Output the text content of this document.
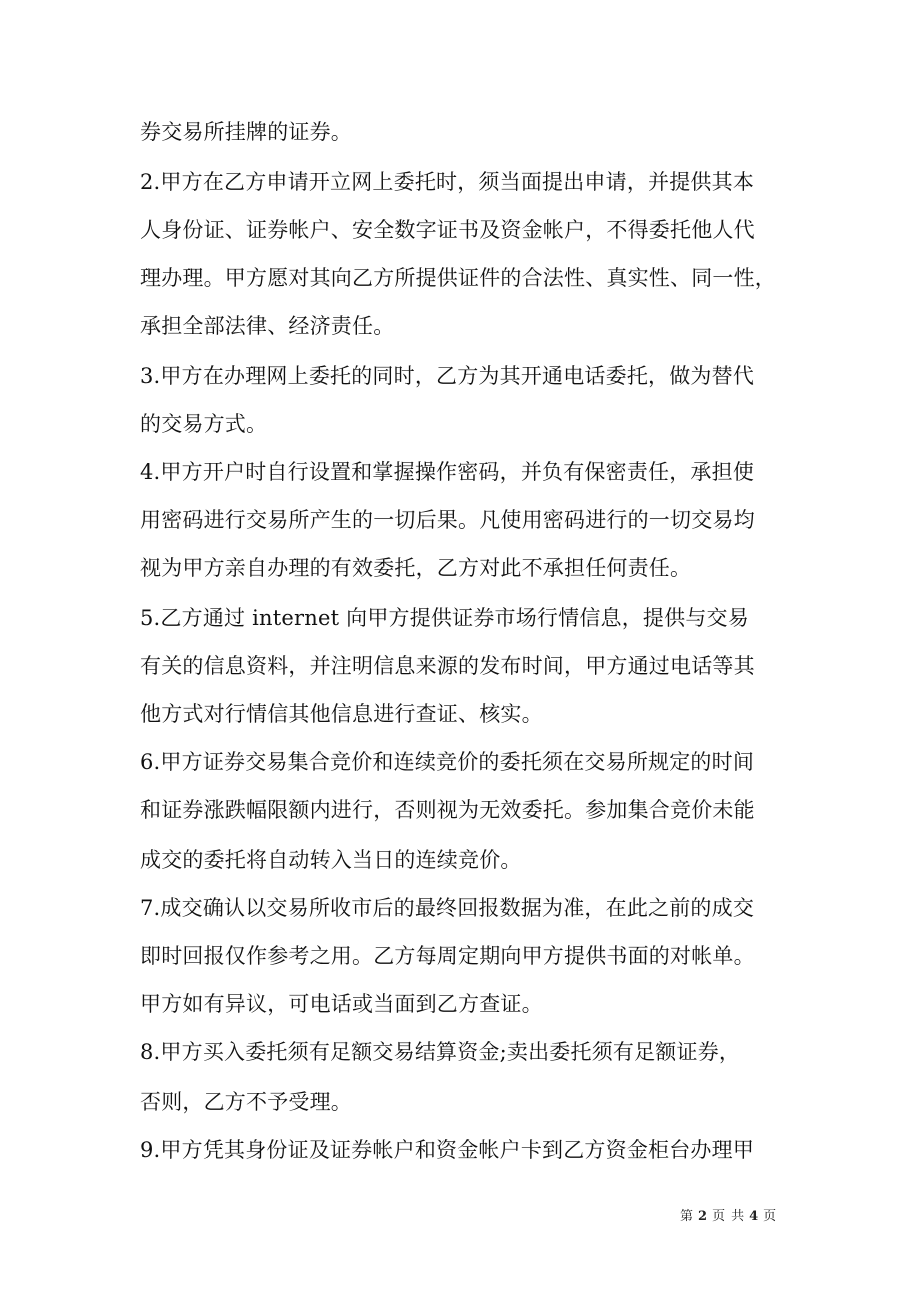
券交易所挂牌的证券。
2.甲方在乙方申请开立网上委托时，须当面提出申请，并提供其本
人身份证、证券帐户、安全数字证书及资金帐户，不得委托他人代
理办理。甲方愿对其向乙方所提供证件的合法性、真实性、同一性，
承担全部法律、经济责任。
3.甲方在办理网上委托的同时，乙方为其开通电话委托，做为替代
的交易方式。
4.甲方开户时自行设置和掌握操作密码，并负有保密责任，承担使
用密码进行交易所产生的一切后果。凡使用密码进行的一切交易均
视为甲方亲自办理的有效委托，乙方对此不承担任何责任。
5.乙方通过 internet 向甲方提供证券市场行情信息，提供与交易
有关的信息资料，并注明信息来源的发布时间，甲方通过电话等其
他方式对行情信其他信息进行查证、核实。
6.甲方证券交易集合竞价和连续竞价的委托须在交易所规定的时间
和证券涨跌幅限额内进行，否则视为无效委托。参加集合竞价未能
成交的委托将自动转入当日的连续竞价。
7.成交确认以交易所收市后的最终回报数据为准，在此之前的成交
即时回报仅作参考之用。乙方每周定期向甲方提供书面的对帐单。
甲方如有异议，可电话或当面到乙方查证。
8.甲方买入委托须有足额交易结算资金;卖出委托须有足额证券，
否则，乙方不予受理。
9.甲方凭其身份证及证券帐户和资金帐户卡到乙方资金柜台办理甲
第 2 页 共 4 页
